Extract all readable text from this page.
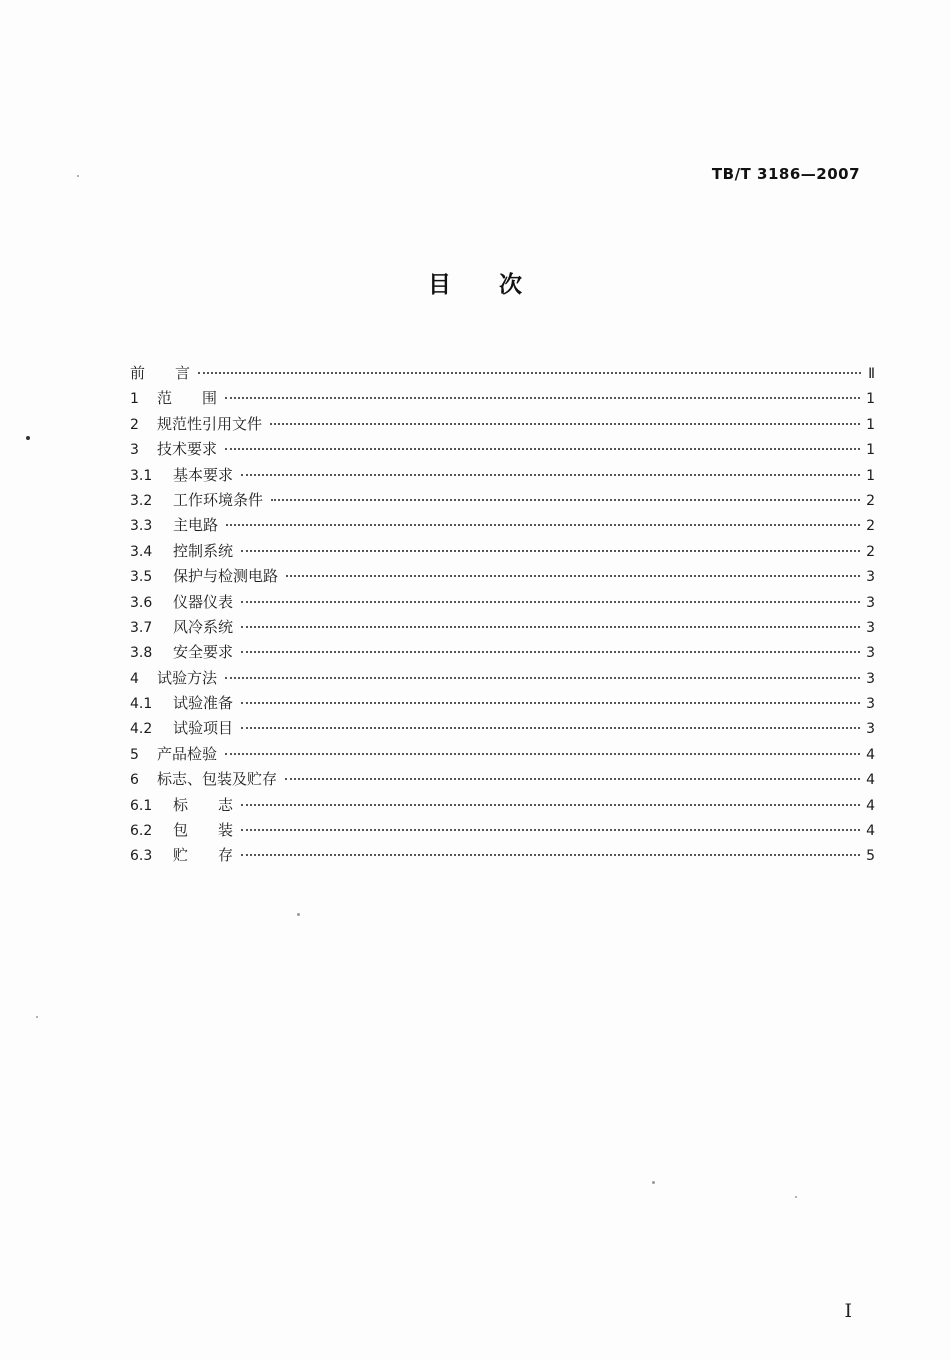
TB/T 3186—2007
目 次
前　　言	Ⅱ
1 范　　围	1
2 规范性引用文件	1
3 技术要求	1
3.1 基本要求	1
3.2 工作环境条件	2
3.3 主电路	2
3.4 控制系统	2
3.5 保护与检测电路	3
3.6 仪器仪表	3
3.7 风冷系统	3
3.8 安全要求	3
4 试验方法	3
4.1 试验准备	3
4.2 试验项目	3
5 产品检验	4
6 标志、包装及贮存	4
6.1 标　　志	4
6.2 包　　装	4
6.3 贮　　存	5
I
